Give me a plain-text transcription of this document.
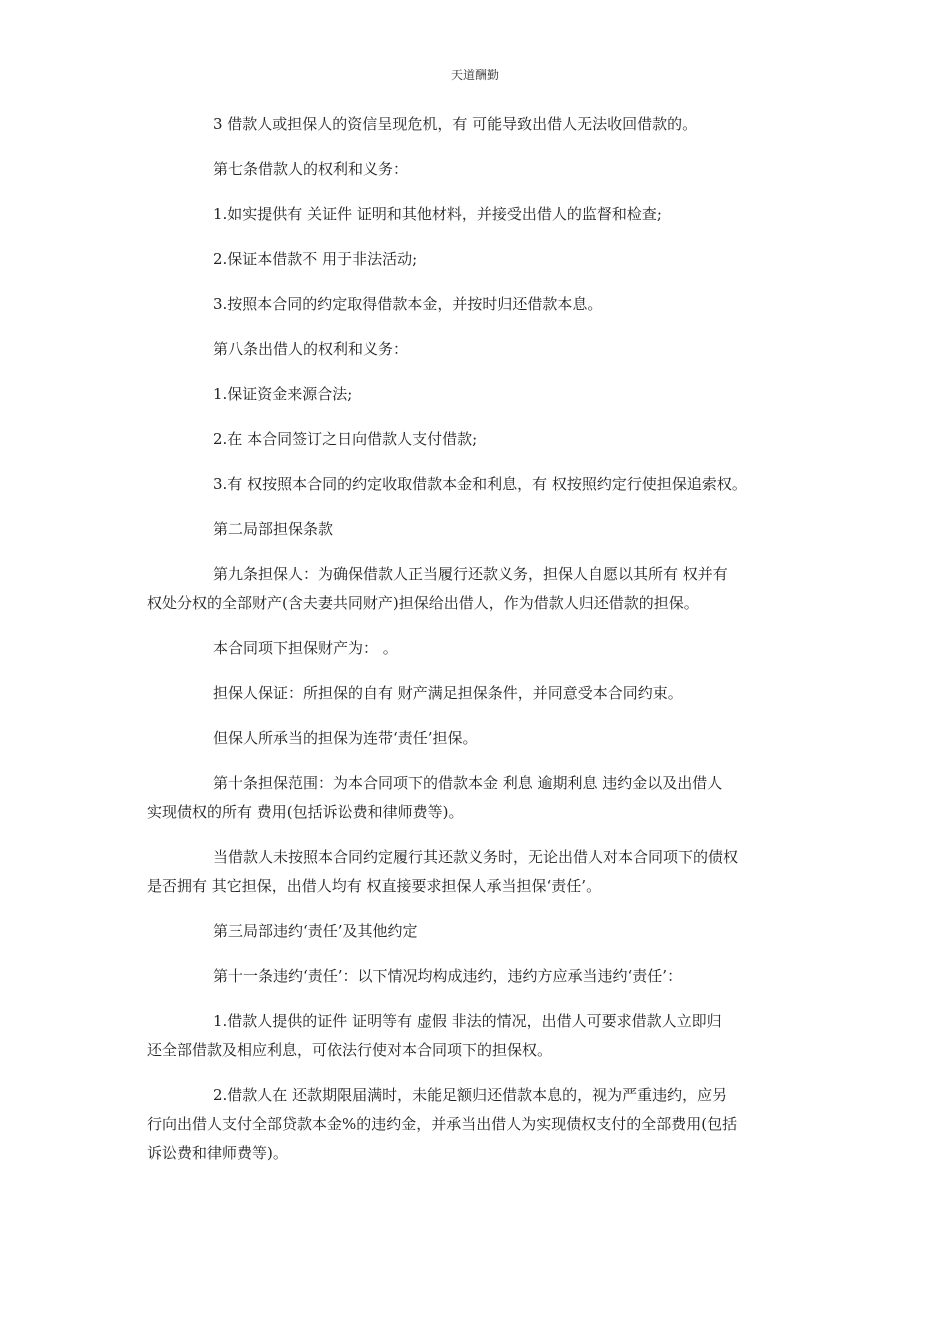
天道酬勤

3 借款人或担保人的资信呈现危机，有 可能导致出借人无法收回借款的。

第七条借款人的权利和义务：

1.如实提供有 关证件 证明和其他材料，并接受出借人的监督和检查;

2.保证本借款不 用于非法活动;

3.按照本合同的约定取得借款本金，并按时归还借款本息。

第八条出借人的权利和义务：

1.保证资金来源合法;

2.在 本合同签订之日向借款人支付借款;

3.有 权按照本合同的约定收取借款本金和利息，有 权按照约定行使担保追索权。

第二局部担保条款

第九条担保人：为确保借款人正当履行还款义务，担保人自愿以其所有 权并有
权处分权的全部财产(含夫妻共同财产)担保给出借人，作为借款人归还借款的担保。

本合同项下担保财产为： 。

担保人保证：所担保的自有 财产满足担保条件，并同意受本合同约束。

但保人所承当的担保为连带‘责任’担保。

第十条担保范围：为本合同项下的借款本金 利息 逾期利息 违约金以及出借人
实现债权的所有 费用(包括诉讼费和律师费等)。

当借款人未按照本合同约定履行其还款义务时，无论出借人对本合同项下的债权
是否拥有 其它担保，出借人均有 权直接要求担保人承当担保‘责任’。

第三局部违约‘责任’及其他约定

第十一条违约‘责任’：以下情况均构成违约，违约方应承当违约‘责任’：

1.借款人提供的证件 证明等有 虚假 非法的情况，出借人可要求借款人立即归
还全部借款及相应利息，可依法行使对本合同项下的担保权。

2.借款人在 还款期限届满时，未能足额归还借款本息的，视为严重违约，应另
行向出借人支付全部贷款本金%的违约金，并承当出借人为实现债权支付的全部费用(包括
诉讼费和律师费等)。
